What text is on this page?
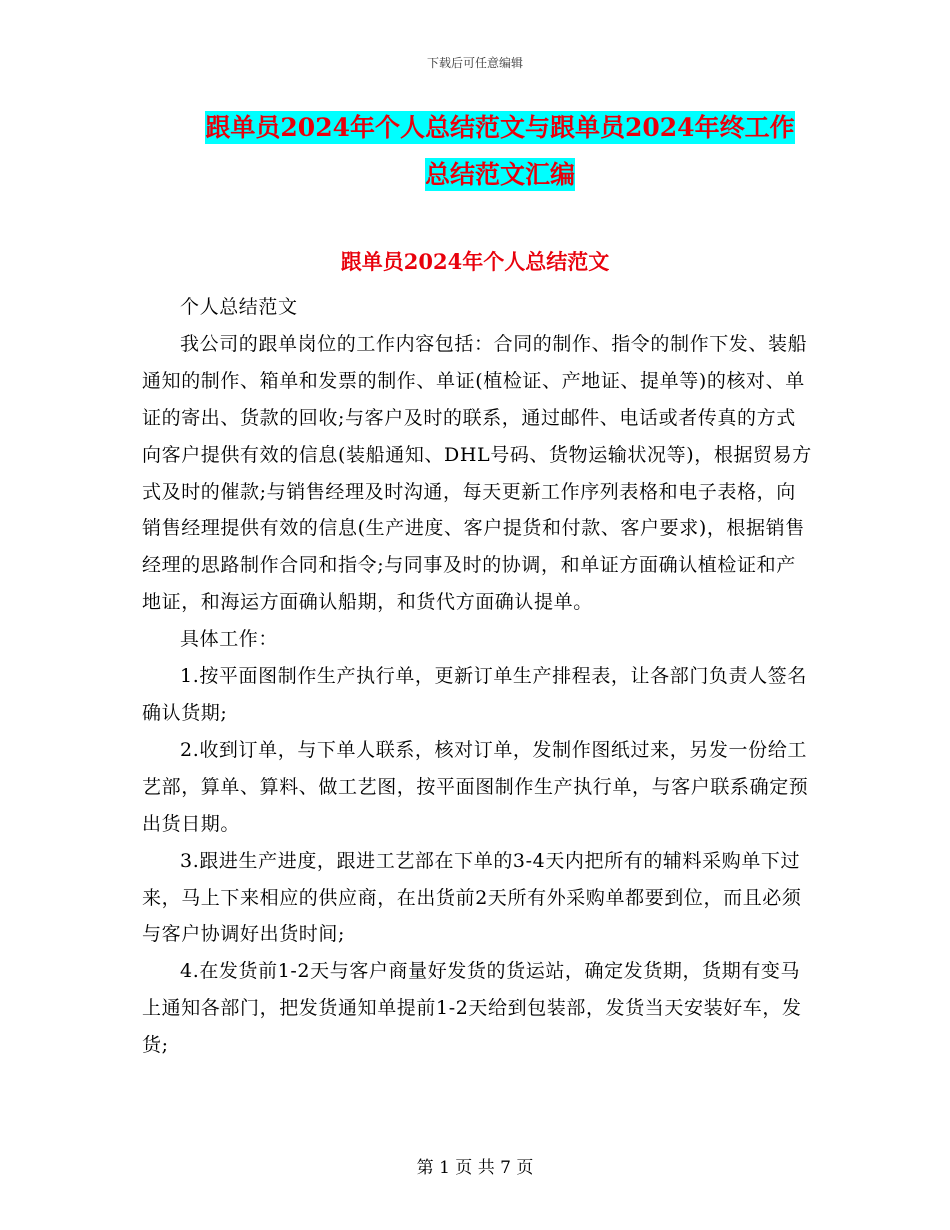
下载后可任意编辑
跟单员2024年个人总结范文与跟单员2024年终工作
总结范文汇编
跟单员2024年个人总结范文

个人总结范文

我公司的跟单岗位的工作内容包括：合同的制作、指令的制作下发、装船通知的制作、箱单和发票的制作、单证(植检证、产地证、提单等)的核对、单证的寄出、货款的回收;与客户及时的联系，通过邮件、电话或者传真的方式向客户提供有效的信息(装船通知、DHL号码、货物运输状况等)，根据贸易方式及时的催款;与销售经理及时沟通，每天更新工作序列表格和电子表格，向销售经理提供有效的信息(生产进度、客户提货和付款、客户要求)，根据销售经理的思路制作合同和指令;与同事及时的协调，和单证方面确认植检证和产地证，和海运方面确认船期，和货代方面确认提单。

具体工作：

1.按平面图制作生产执行单，更新订单生产排程表，让各部门负责人签名确认货期;

2.收到订单，与下单人联系，核对订单，发制作图纸过来，另发一份给工艺部，算单、算料、做工艺图，按平面图制作生产执行单，与客户联系确定预出货日期。

3.跟进生产进度，跟进工艺部在下单的3-4天内把所有的辅料采购单下过来，马上下来相应的供应商，在出货前2天所有外采购单都要到位，而且必须与客户协调好出货时间;

4.在发货前1-2天与客户商量好发货的货运站，确定发货期，货期有变马上通知各部门，把发货通知单提前1-2天给到包装部，发货当天安装好车，发货;

第 1 页 共 7 页
